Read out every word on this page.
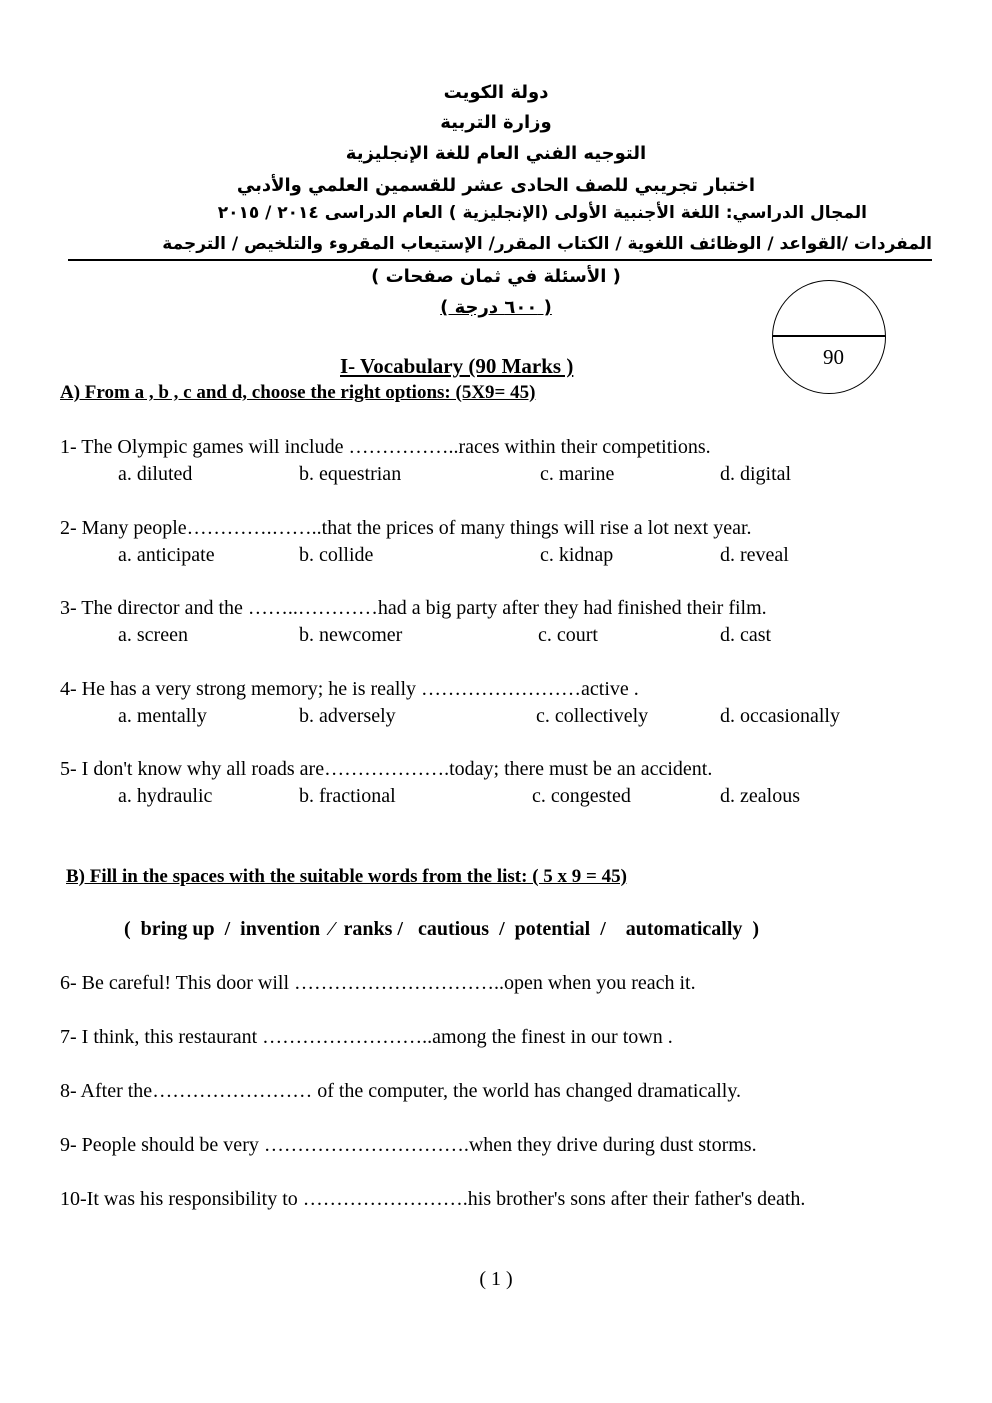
دولة الكويت
وزارة التربية
التوجيه الفني العام للغة الإنجليزية
اختبار تجريبي للصف الحادى عشر للقسمين العلمي والأدبي
المجال الدراسي: اللغة الأجنبية الأولى (الإنجليزية ) العام الدراسى ٢٠١٤ / ٢٠١٥
المفردات /القواعد / الوظائف اللغوية / الكتاب المقرر/ الإستيعاب المقروء والتلخيص / الترجمة
( الأسئلة في ثمان صفحات )
( ٦٠٠ درجة )
90
I- Vocabulary (90 Marks )
A) From a , b , c and d, choose the right options: (5X9= 45)
1- The Olympic games will include ……………..races within their competitions.
a. diluted	b. equestrian	c. marine	d. digital
2- Many people………….……..that the prices of many things will rise a lot next year.
a. anticipate	b. collide	c. kidnap	d. reveal
3- The director and the ……..…………had a big party after they had finished their film.
a. screen	b. newcomer	c. court	d. cast
4- He has a very strong memory; he is really ……………………active .
a. mentally	b. adversely	c. collectively	d. occasionally
5- I don't know why all roads are……………….today; there must be an accident.
a. hydraulic	b. fractional	c. congested	d. zealous
B) Fill in the spaces with the suitable words from the list: ( 5 x 9 = 45)
(  bring up  /  invention  ⁄  ranks /   cautious  /  potential  /    automatically  )
6- Be careful! This door will …………………………..open when you reach it.
7- I think, this restaurant ……………………..among the finest in our town .
8- After the…………………… of the computer, the world has changed dramatically.
9- People should be very ………………………….when they drive during dust storms.
10-It was his responsibility to …………………….his brother's sons after their father's death.
( 1 )
